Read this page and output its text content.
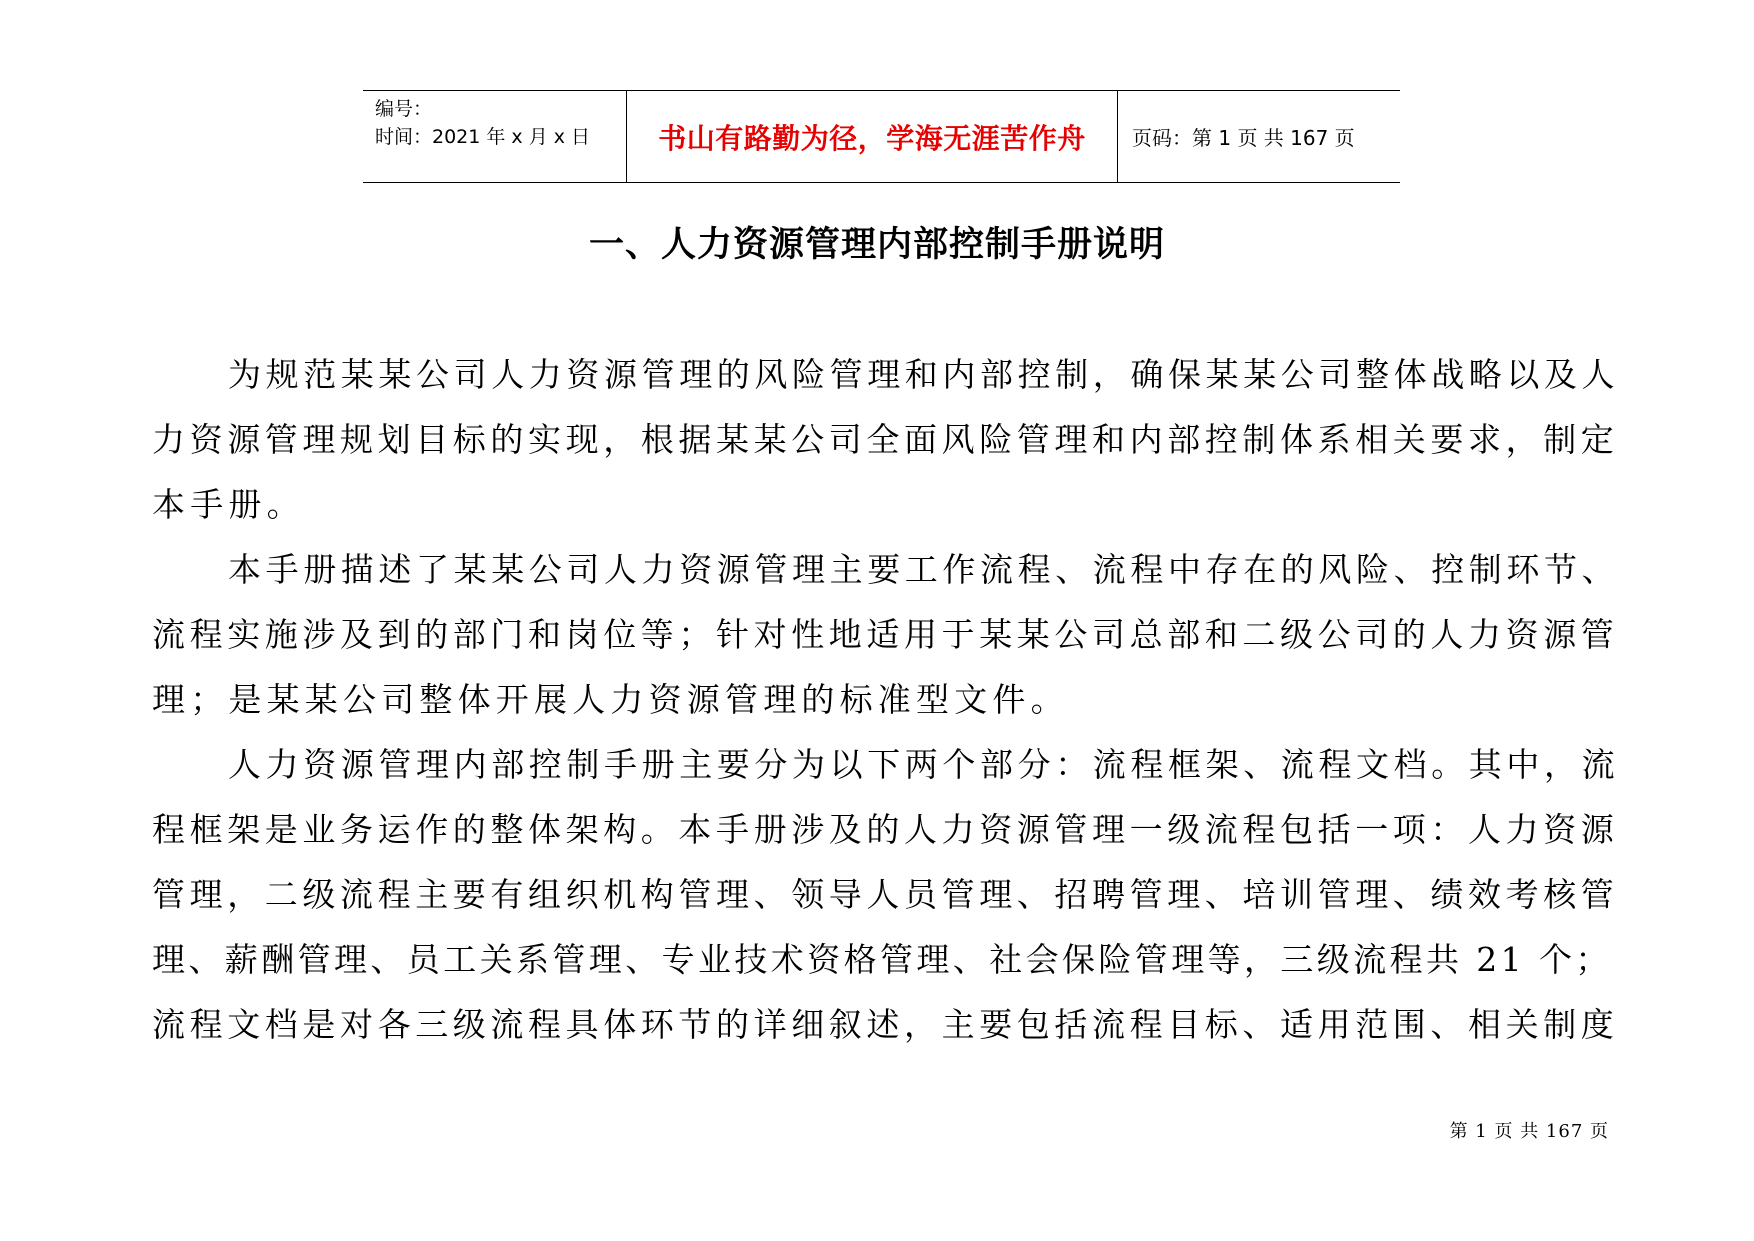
编号：
时间：2021 年 x 月 x 日	书山有路勤为径，学海无涯苦作舟 页码：第 1 页 共 167 页
一、人力资源管理内部控制手册说明
为规范某某公司人力资源管理的风险管理和内部控制，确保某某公司整体战略以及人
力资源管理规划目标的实现，根据某某公司全面风险管理和内部控制体系相关要求，制定
本手册。
本手册描述了某某公司人力资源管理主要工作流程、流程中存在的风险、控制环节、
流程实施涉及到的部门和岗位等；针对性地适用于某某公司总部和二级公司的人力资源管
理；是某某公司整体开展人力资源管理的标准型文件。
人力资源管理内部控制手册主要分为以下两个部分：流程框架、流程文档。其中，流
程框架是业务运作的整体架构。本手册涉及的人力资源管理一级流程包括一项：人力资源
管理，二级流程主要有组织机构管理、领导人员管理、招聘管理、培训管理、绩效考核管
理、薪酬管理、员工关系管理、专业技术资格管理、社会保险管理等，三级流程共 21 个；
流程文档是对各三级流程具体环节的详细叙述，主要包括流程目标、适用范围、相关制度
第 1 页 共 167 页
